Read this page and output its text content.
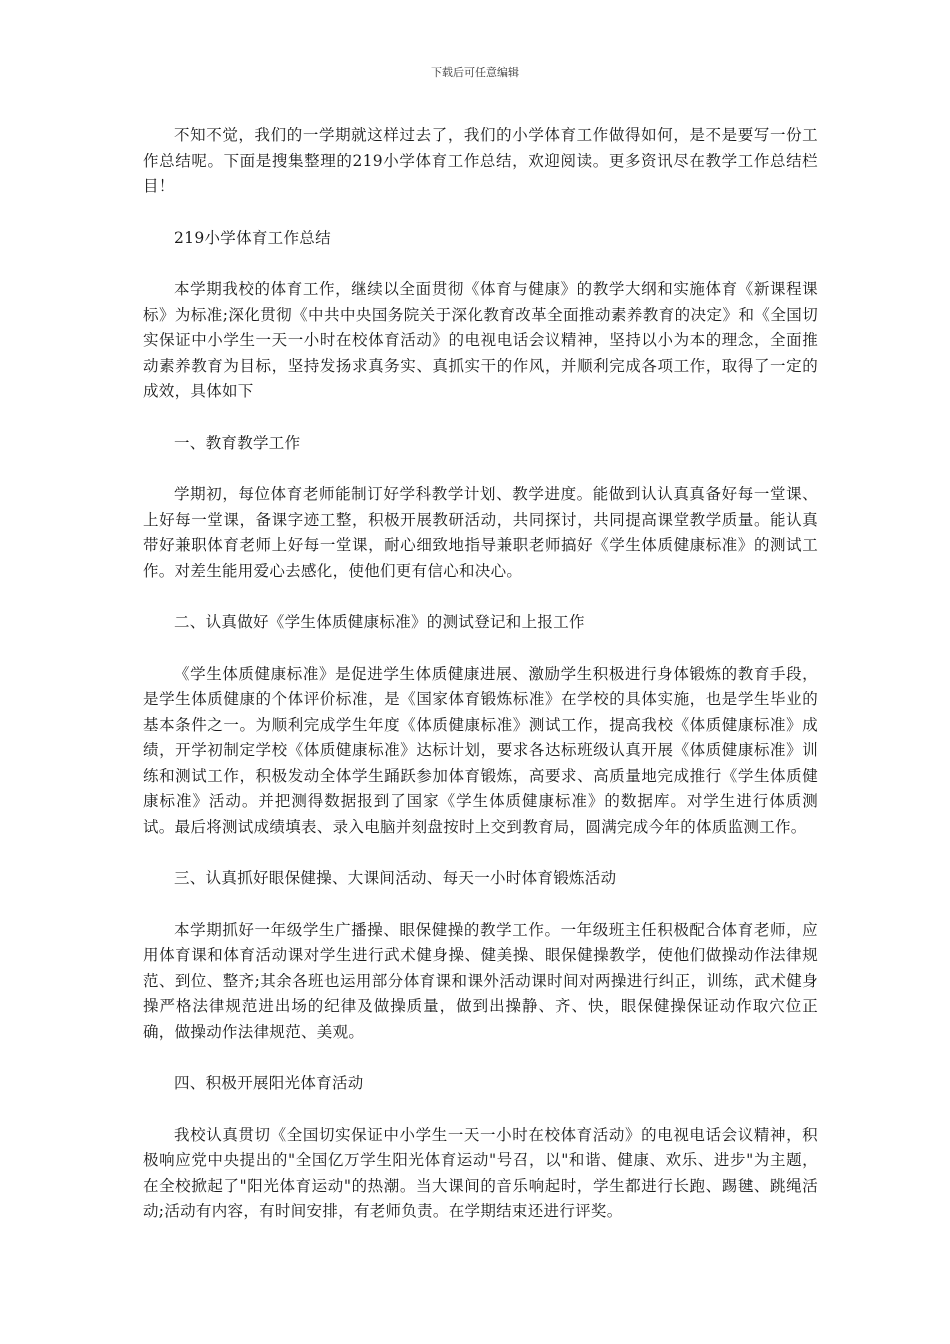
下载后可任意编辑

不知不觉，我们的一学期就这样过去了，我们的小学体育工作做得如何，是不是要写一份工作总结呢。下面是搜集整理的219小学体育工作总结，欢迎阅读。更多资讯尽在教学工作总结栏目！

219小学体育工作总结

本学期我校的体育工作，继续以全面贯彻《体育与健康》的教学大纲和实施体育《新课程课标》为标准;深化贯彻《中共中央国务院关于深化教育改革全面推动素养教育的决定》和《全国切实保证中小学生一天一小时在校体育活动》的电视电话会议精神，坚持以小为本的理念，全面推动素养教育为目标，坚持发扬求真务实、真抓实干的作风，并顺利完成各项工作，取得了一定的成效，具体如下

一、教育教学工作

学期初，每位体育老师能制订好学科教学计划、教学进度。能做到认认真真备好每一堂课、上好每一堂课，备课字迹工整，积极开展教研活动，共同探讨，共同提高课堂教学质量。能认真带好兼职体育老师上好每一堂课，耐心细致地指导兼职老师搞好《学生体质健康标准》的测试工作。对差生能用爱心去感化，使他们更有信心和决心。

二、认真做好《学生体质健康标准》的测试登记和上报工作

《学生体质健康标准》是促进学生体质健康进展、激励学生积极进行身体锻炼的教育手段，是学生体质健康的个体评价标准，是《国家体育锻炼标准》在学校的具体实施，也是学生毕业的基本条件之一。为顺利完成学生年度《体质健康标准》测试工作，提高我校《体质健康标准》成绩，开学初制定学校《体质健康标准》达标计划，要求各达标班级认真开展《体质健康标准》训练和测试工作，积极发动全体学生踊跃参加体育锻炼，高要求、高质量地完成推行《学生体质健康标准》活动。并把测得数据报到了国家《学生体质健康标准》的数据库。对学生进行体质测试。最后将测试成绩填表、录入电脑并刻盘按时上交到教育局，圆满完成今年的体质监测工作。

三、认真抓好眼保健操、大课间活动、每天一小时体育锻炼活动

本学期抓好一年级学生广播操、眼保健操的教学工作。一年级班主任积极配合体育老师，应用体育课和体育活动课对学生进行武术健身操、健美操、眼保健操教学，使他们做操动作法律规范、到位、整齐;其余各班也运用部分体育课和课外活动课时间对两操进行纠正，训练，武术健身操严格法律规范进出场的纪律及做操质量，做到出操静、齐、快，眼保健操保证动作取穴位正确，做操动作法律规范、美观。

四、积极开展阳光体育活动

我校认真贯切《全国切实保证中小学生一天一小时在校体育活动》的电视电话会议精神，积极响应党中央提出的"全国亿万学生阳光体育运动"号召，以"和谐、健康、欢乐、进步"为主题，在全校掀起了"阳光体育运动"的热潮。当大课间的音乐响起时，学生都进行长跑、踢毽、跳绳活动;活动有内容，有时间安排，有老师负责。在学期结束还进行评奖。
